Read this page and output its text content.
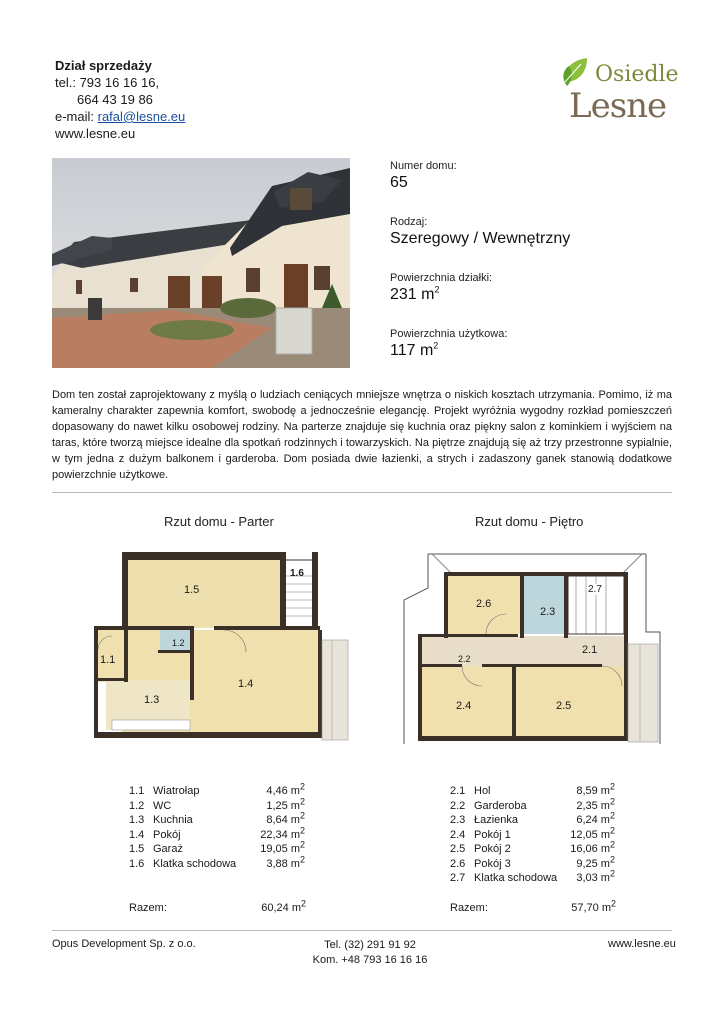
Dział sprzedaży
tel.: 793 16 16 16,
664 43 19 86
e-mail: rafal@lesne.eu
www.lesne.eu
Osiedle
Lesne
Numer domu:
65
Rodzaj:
Szeregowy / Wewnętrzny
Powierzchnia działki:
231 $m^2$
Powierzchnia użytkowa:
117 $m^2$
Dom ten został zaprojektowany z myślą o ludziach ceniących mniejsze wnętrza o niskich kosztach utrzymania. Pomimo, iż ma kameralny charakter zapewnia komfort, swobodę a jednocześnie elegancję. Projekt wyróżnia wygodny rozkład pomieszczeń dopasowany do nawet kilku osobowej rodziny. Na parterze znajduje się kuchnia oraz piękny salon z kominkiem i wyjściem na taras, które tworzą miejsce idealne dla spotkań rodzinnych i towarzyskich. Na piętrze znajdują się aż trzy przestronne sypialnie, w tym jedna z dużym balkonem i garderoba. Dom posiada dwie łazienki, a strych i zadaszony ganek stanowią dodatkowe powierzchnie użytkowe.
Rzut domu - Parter	Rzut domu - Piętro
1.5
1.6
1.2
1.1
1.4
1.3
2.6
2.3
2.7
2.1
2.2
2.4	2.5
1.1	Wiatrołap	4,46 $m^2$
1.2	WC	1,25 $m^2$
1.3	Kuchnia	8,64 $m^2$
1.4	Pokój	22,34 $m^2$
1.5	Garaż	19,05 $m^2$
1.6	Klatka schodowa	3,88 $m^2$
2.1	Hol	8,59 $m^2$
2.2	Garderoba	2,35 $m^2$
2.3	Łazienka	6,24 $m^2$
2.4	Pokój 1	12,05 $m^2$
2.5	Pokój 2	16,06 $m^2$
2.6	Pokój 3	9,25 $m^2$
2.7	Klatka schodowa	3,03 $m^2$
Razem:	60,24 $m^2$	Razem:	57,70 $m^2$
Opus Development Sp. z o.o.	Tel. (32) 291 91 92
Kom. +48 793 16 16 16
www.lesne.eu
